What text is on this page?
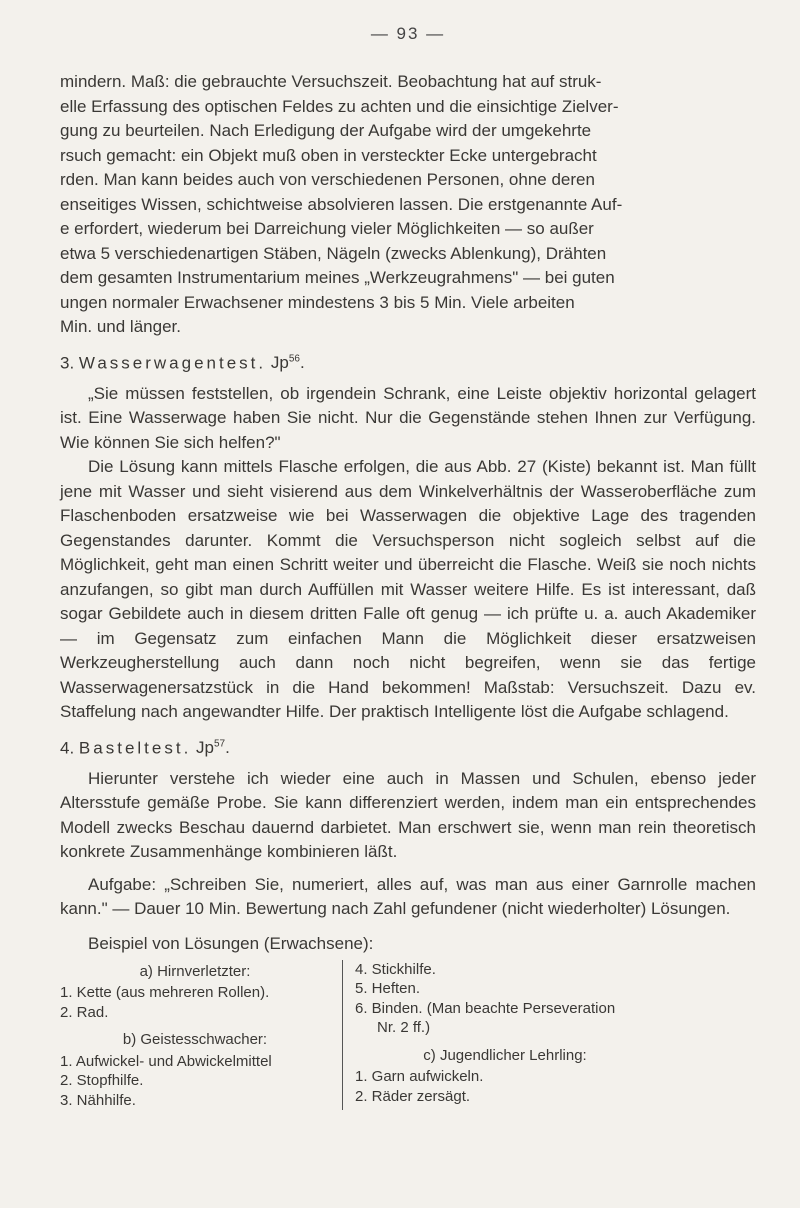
— 93 —

mindern. Maß: die gebrauchte Versuchszeit. Beobachtung hat auf struk-

elle Erfassung des optischen Feldes zu achten und die einsichtige Zielver-

gung zu beurteilen. Nach Erledigung der Aufgabe wird der umgekehrte

rsuch gemacht: ein Objekt muß oben in versteckter Ecke untergebracht

rden. Man kann beides auch von verschiedenen Personen, ohne deren

enseitiges Wissen, schichtweise absolvieren lassen. Die erstgenannte Auf-

e erfordert, wiederum bei Darreichung vieler Möglichkeiten — so außer

etwa 5 verschiedenartigen Stäben, Nägeln (zwecks Ablenkung), Drähten

dem gesamten Instrumentarium meines „Werkzeugrahmens" — bei guten

ungen normaler Erwachsener mindestens 3 bis 5 Min. Viele arbeiten

Min. und länger.

3. Wasserwagentest. Jp$^{56}$.

„Sie müssen feststellen, ob irgendein Schrank, eine Leiste objektiv horizontal gelagert ist. Eine Wasserwage haben Sie nicht. Nur die Gegenstände stehen Ihnen zur Verfügung. Wie können Sie sich helfen?"

Die Lösung kann mittels Flasche erfolgen, die aus Abb. 27 (Kiste) bekannt ist. Man füllt jene mit Wasser und sieht visierend aus dem Winkelverhältnis der Wasseroberfläche zum Flaschenboden ersatzweise wie bei Wasserwagen die objektive Lage des tragenden Gegenstandes darunter. Kommt die Versuchsperson nicht sogleich selbst auf die Möglichkeit, geht man einen Schritt weiter und überreicht die Flasche. Weiß sie noch nichts anzufangen, so gibt man durch Auffüllen mit Wasser weitere Hilfe. Es ist interessant, daß sogar Gebildete auch in diesem dritten Falle oft genug — ich prüfte u. a. auch Akademiker — im Gegensatz zum einfachen Mann die Möglichkeit dieser ersatzweisen Werkzeugherstellung auch dann noch nicht begreifen, wenn sie das fertige Wasserwagenersatzstück in die Hand bekommen! Maßstab: Versuchszeit. Dazu ev. Staffelung nach angewandter Hilfe. Der praktisch Intelligente löst die Aufgabe schlagend.

4. Basteltest. Jp$^{57}$.

Hierunter verstehe ich wieder eine auch in Massen und Schulen, ebenso jeder Altersstufe gemäße Probe. Sie kann differenziert werden, indem man ein entsprechendes Modell zwecks Beschau dauernd darbietet. Man erschwert sie, wenn man rein theoretisch konkrete Zusammenhänge kombinieren läßt.

Aufgabe: „Schreiben Sie, numeriert, alles auf, was man aus einer Garnrolle machen kann." — Dauer 10 Min. Bewertung nach Zahl gefundener (nicht wiederholter) Lösungen.

Beispiel von Lösungen (Erwachsene):

a) Hirnverletzter:

1. Kette (aus mehreren Rollen).

2. Rad.

b) Geistesschwacher:

1. Aufwickel- und Abwickelmittel

2. Stopfhilfe.

3. Nähhilfe.

4. Stickhilfe.

5. Heften.

6. Binden. (Man beachte Perseveration

Nr. 2 ff.)

c) Jugendlicher Lehrling:

1. Garn aufwickeln.

2. Räder zersägt.
